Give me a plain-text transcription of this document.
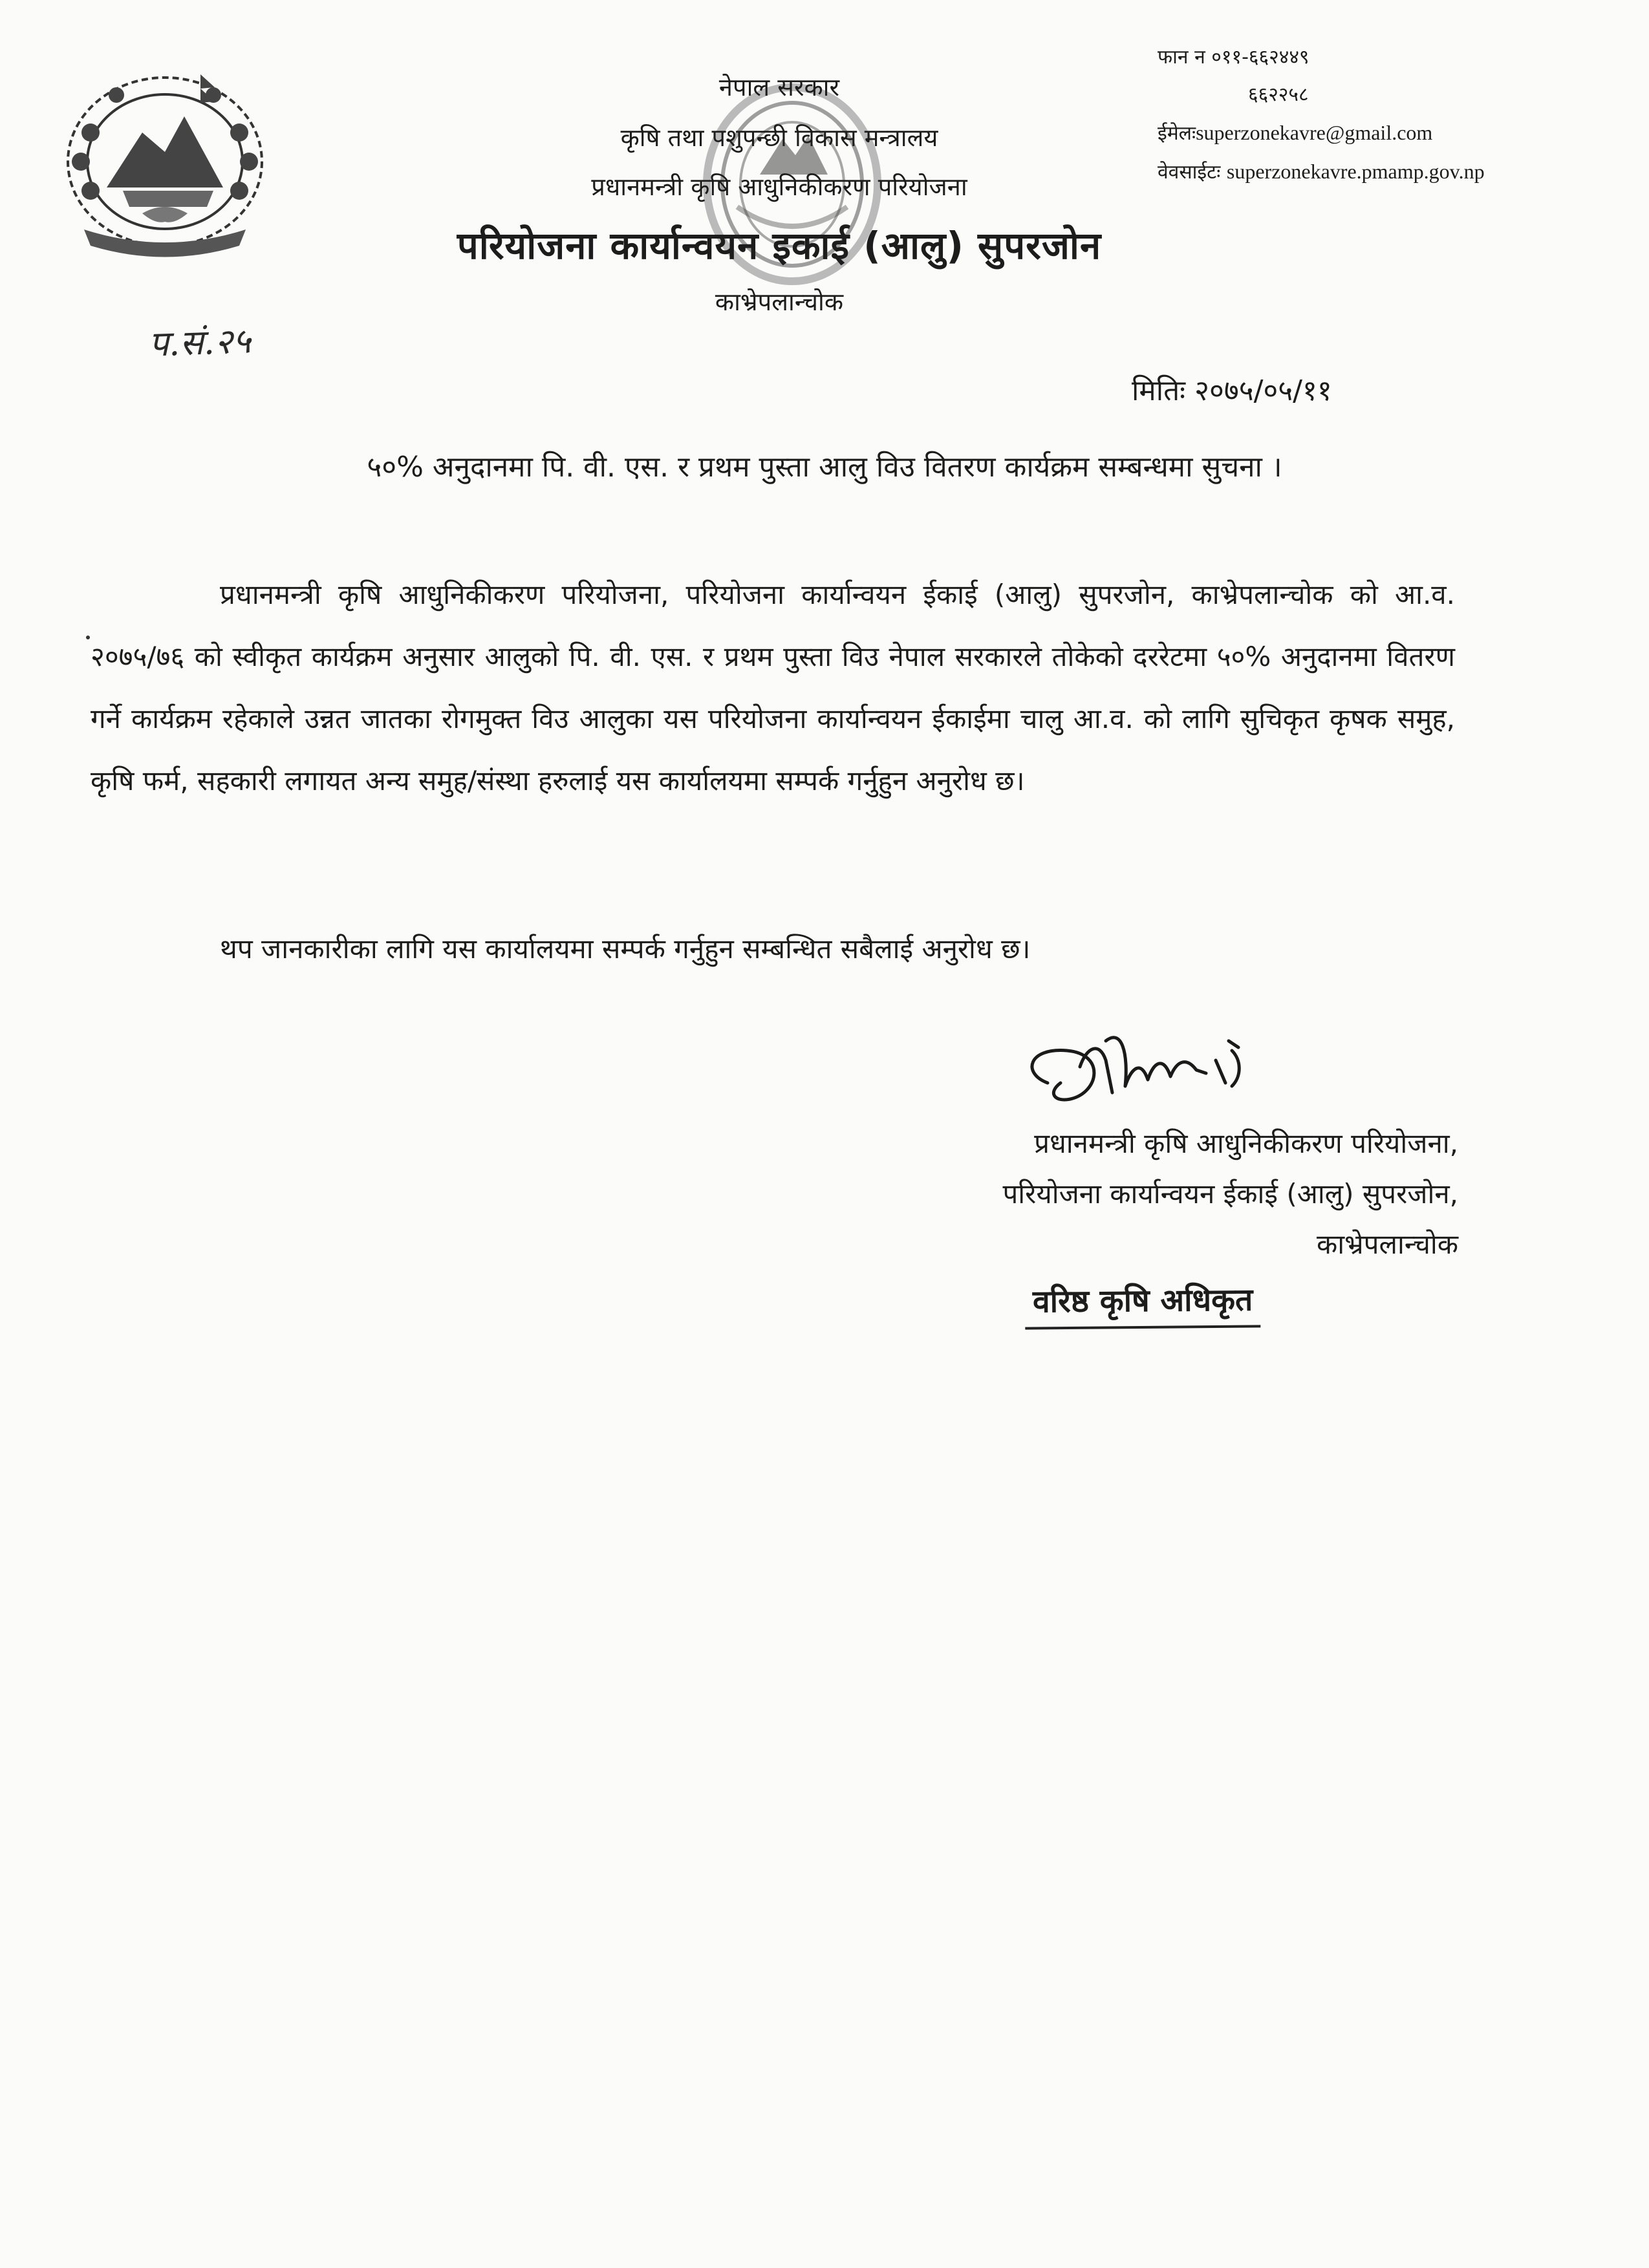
नेपाल सरकार
कृषि तथा पशुपन्छी विकास मन्त्रालय
प्रधानमन्त्री कृषि आधुनिकीकरण परियोजना
परियोजना कार्यान्वयन इकाई (आलु) सुपरजोन
काभ्रेपलान्चोक
फान न ०११-६६२४४९
६६२२५८
ईमेलःsuperzonekavre@gmail.com
वेवसाईटः superzonekavre.pmamp.gov.np
प.सं.२५
मितिः २०७५/०५/११
५०% अनुदानमा पि. वी. एस. र प्रथम पुस्ता आलु विउ वितरण कार्यक्रम सम्बन्धमा सुचना ।
प्रधानमन्त्री कृषि आधुनिकीकरण परियोजना, परियोजना कार्यान्वयन ईकाई (आलु) सुपरजोन, काभ्रेपलान्चोक को आ.व. २०७५/७६ को स्वीकृत कार्यक्रम अनुसार आलुको पि. वी. एस. र प्रथम पुस्ता विउ नेपाल सरकारले तोकेको दररेटमा ५०% अनुदानमा वितरण गर्ने कार्यक्रम रहेकाले उन्नत जातका रोगमुक्त विउ आलुका यस परियोजना कार्यान्वयन ईकाईमा चालु आ.व. को लागि सुचिकृत कृषक समुह, कृषि फर्म, सहकारी लगायत अन्य समुह/संस्था हरुलाई यस कार्यालयमा सम्पर्क गर्नुहुन अनुरोध छ।
थप जानकारीका लागि यस कार्यालयमा सम्पर्क गर्नुहुन सम्बन्धित सबैलाई अनुरोध छ।
प्रधानमन्त्री कृषि आधुनिकीकरण परियोजना,
परियोजना कार्यान्वयन ईकाई (आलु) सुपरजोन,
काभ्रेपलान्चोक
वरिष्ठ कृषि अधिकृत
